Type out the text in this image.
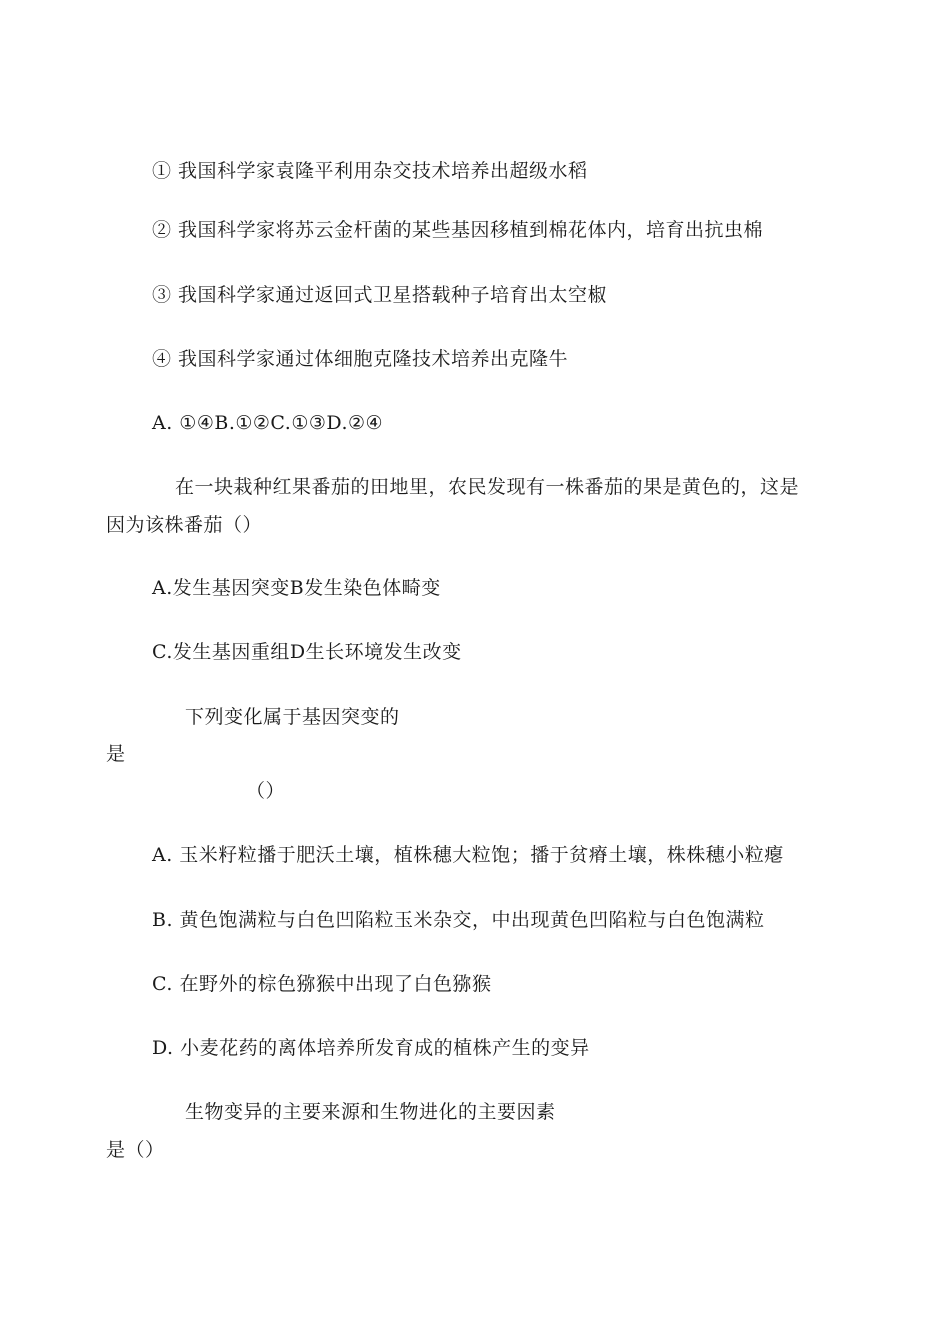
① 我国科学家袁隆平利用杂交技术培养出超级水稻
② 我国科学家将苏云金杆菌的某些基因移植到棉花体内，培育出抗虫棉
③ 我国科学家通过返回式卫星搭载种子培育出太空椒
④ 我国科学家通过体细胞克隆技术培养出克隆牛
A. ①④B.①②C.①③D.②④
在一块栽种红果番茄的田地里，农民发现有一株番茄的果是黄色的，这是
因为该株番茄（）
A.发生基因突变B发生染色体畸变
C.发生基因重组D生长环境发生改变
下列变化属于基因突变的
是
（）
A. 玉米籽粒播于肥沃土壤，植株穗大粒饱；播于贫瘠土壤，株株穗小粒瘪
B. 黄色饱满粒与白色凹陷粒玉米杂交，中出现黄色凹陷粒与白色饱满粒
C. 在野外的棕色猕猴中出现了白色猕猴
D. 小麦花药的离体培养所发育成的植株产生的变异
生物变异的主要来源和生物进化的主要因素
是（）
